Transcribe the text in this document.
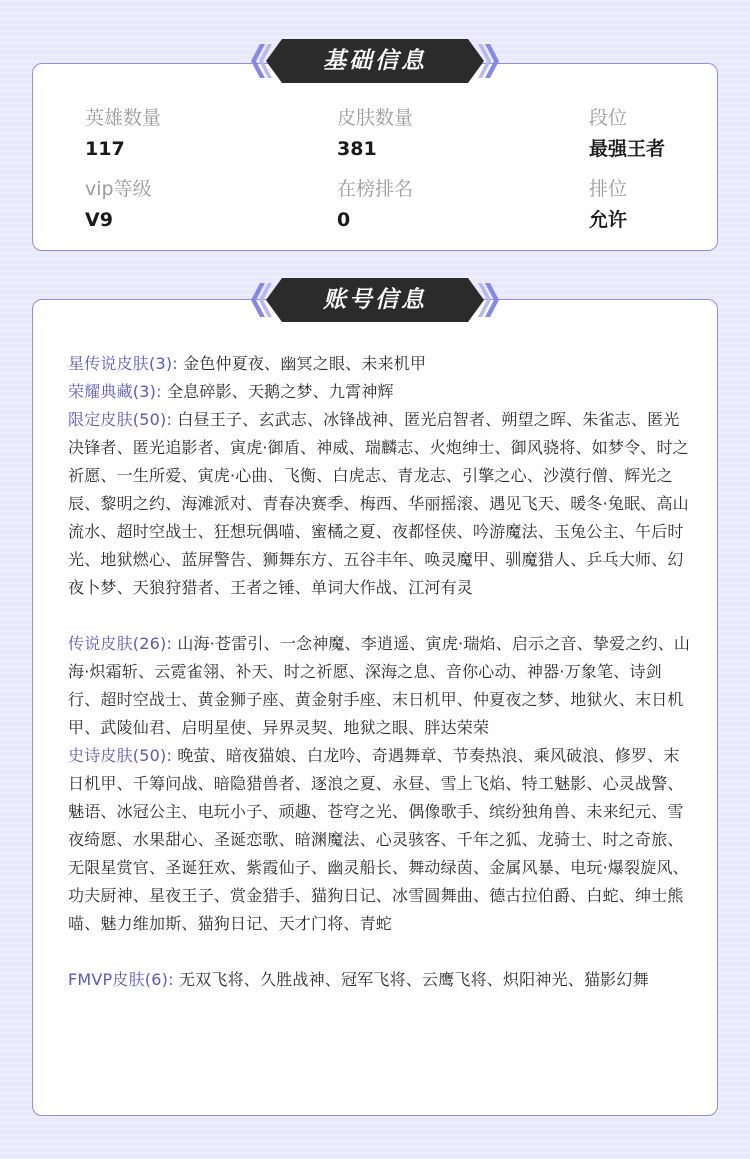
英雄数量
117
皮肤数量
381
段位
最强王者
vip等级
V9
在榜排名
0
排位
允许
基础信息
账号信息
星传说皮肤(3): 金色仲夏夜、幽冥之眼、未来机甲
荣耀典藏(3): 全息碎影、天鹅之梦、九霄神辉
限定皮肤(50): 白昼王子、玄武志、冰锋战神、匿光启智者、朔望之晖、朱雀志、匿光决锋者、匿光追影者、寅虎·御盾、神威、瑞麟志、火炮绅士、御风骁将、如梦令、时之祈愿、一生所爱、寅虎·心曲、飞衡、白虎志、青龙志、引擎之心、沙漠行僧、辉光之辰、黎明之约、海滩派对、青春决赛季、梅西、华丽摇滚、遇见飞天、暖冬·兔眠、高山流水、超时空战士、狂想玩偶喵、蜜橘之夏、夜都怪侠、吟游魔法、玉兔公主、午后时光、地狱燃心、蓝屏警告、狮舞东方、五谷丰年、唤灵魔甲、驯魔猎人、乒乓大师、幻夜卜梦、天狼狩猎者、王者之锤、单词大作战、江河有灵
传说皮肤(26): 山海·苍雷引、一念神魔、李逍遥、寅虎·瑞焰、启示之音、挚爱之约、山海·炽霜斩、云霓雀翎、补天、时之祈愿、深海之息、音你心动、神器·万象笔、诗剑行、超时空战士、黄金狮子座、黄金射手座、末日机甲、仲夏夜之梦、地狱火、末日机甲、武陵仙君、启明星使、异界灵契、地狱之眼、胖达荣荣
史诗皮肤(50): 晚萤、暗夜猫娘、白龙吟、奇遇舞章、节奏热浪、乘风破浪、修罗、末日机甲、千筹问战、暗隐猎兽者、逐浪之夏、永昼、雪上飞焰、特工魅影、心灵战警、魅语、冰冠公主、电玩小子、顽趣、苍穹之光、偶像歌手、缤纷独角兽、未来纪元、雪夜绮愿、水果甜心、圣诞恋歌、暗渊魔法、心灵骇客、千年之狐、龙骑士、时之奇旅、无限星赏官、圣诞狂欢、紫霞仙子、幽灵船长、舞动绿茵、金属风暴、电玩·爆裂旋风、功夫厨神、星夜王子、赏金猎手、猫狗日记、冰雪圆舞曲、德古拉伯爵、白蛇、绅士熊喵、魅力维加斯、猫狗日记、天才门将、青蛇
FMVP皮肤(6): 无双飞将、久胜战神、冠军飞将、云鹰飞将、炽阳神光、猫影幻舞
